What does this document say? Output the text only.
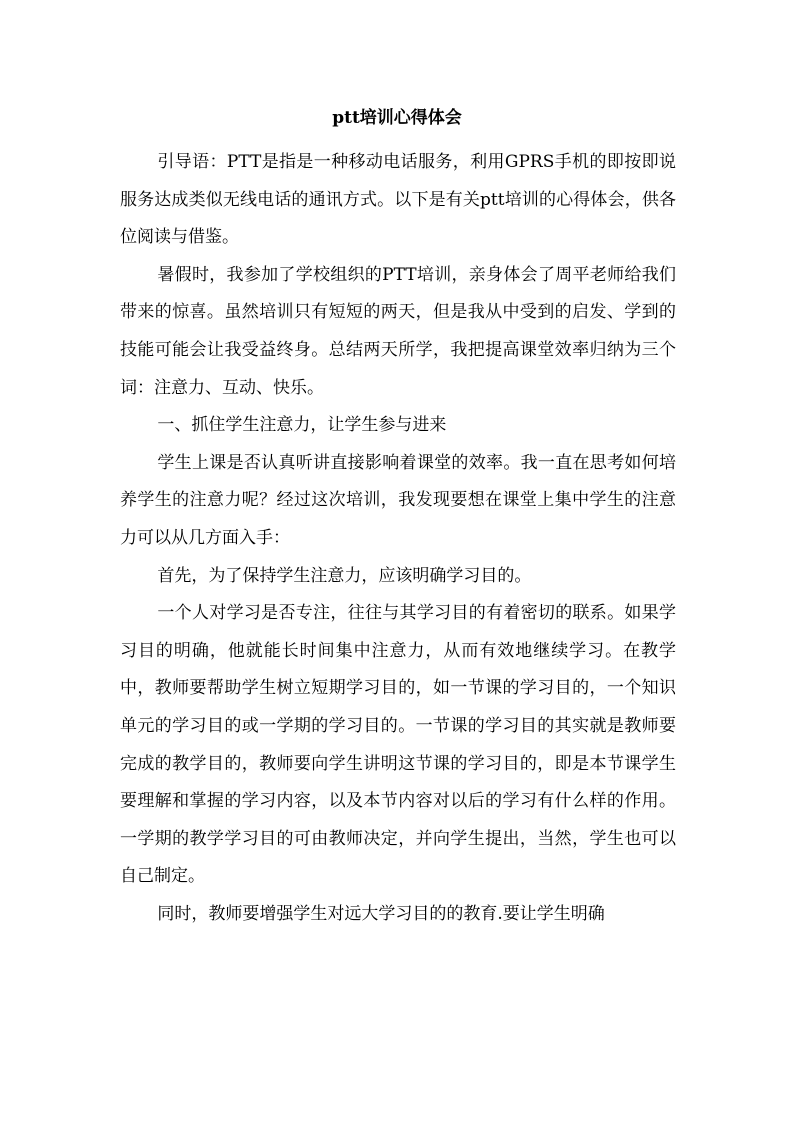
ptt培训心得体会

引导语：PTT是指是一种移动电话服务，利用GPRS手机的即按即说服务达成类似无线电话的通讯方式。以下是有关ptt培训的心得体会，供各位阅读与借鉴。

暑假时，我参加了学校组织的PTT培训，亲身体会了周平老师给我们带来的惊喜。虽然培训只有短短的两天，但是我从中受到的启发、学到的技能可能会让我受益终身。总结两天所学，我把提高课堂效率归纳为三个词：注意力、互动、快乐。

一、抓住学生注意力，让学生参与进来

学生上课是否认真听讲直接影响着课堂的效率。我一直在思考如何培养学生的注意力呢？经过这次培训，我发现要想在课堂上集中学生的注意力可以从几方面入手：

首先，为了保持学生注意力，应该明确学习目的。

一个人对学习是否专注，往往与其学习目的有着密切的联系。如果学习目的明确，他就能长时间集中注意力，从而有效地继续学习。在教学中，教师要帮助学生树立短期学习目的，如一节课的学习目的，一个知识单元的学习目的或一学期的学习目的。一节课的学习目的其实就是教师要完成的教学目的，教师要向学生讲明这节课的学习目的，即是本节课学生要理解和掌握的学习内容，以及本节内容对以后的学习有什么样的作用。一学期的教学学习目的可由教师决定，并向学生提出，当然，学生也可以自己制定。

同时，教师要增强学生对远大学习目的的教育.要让学生明确
